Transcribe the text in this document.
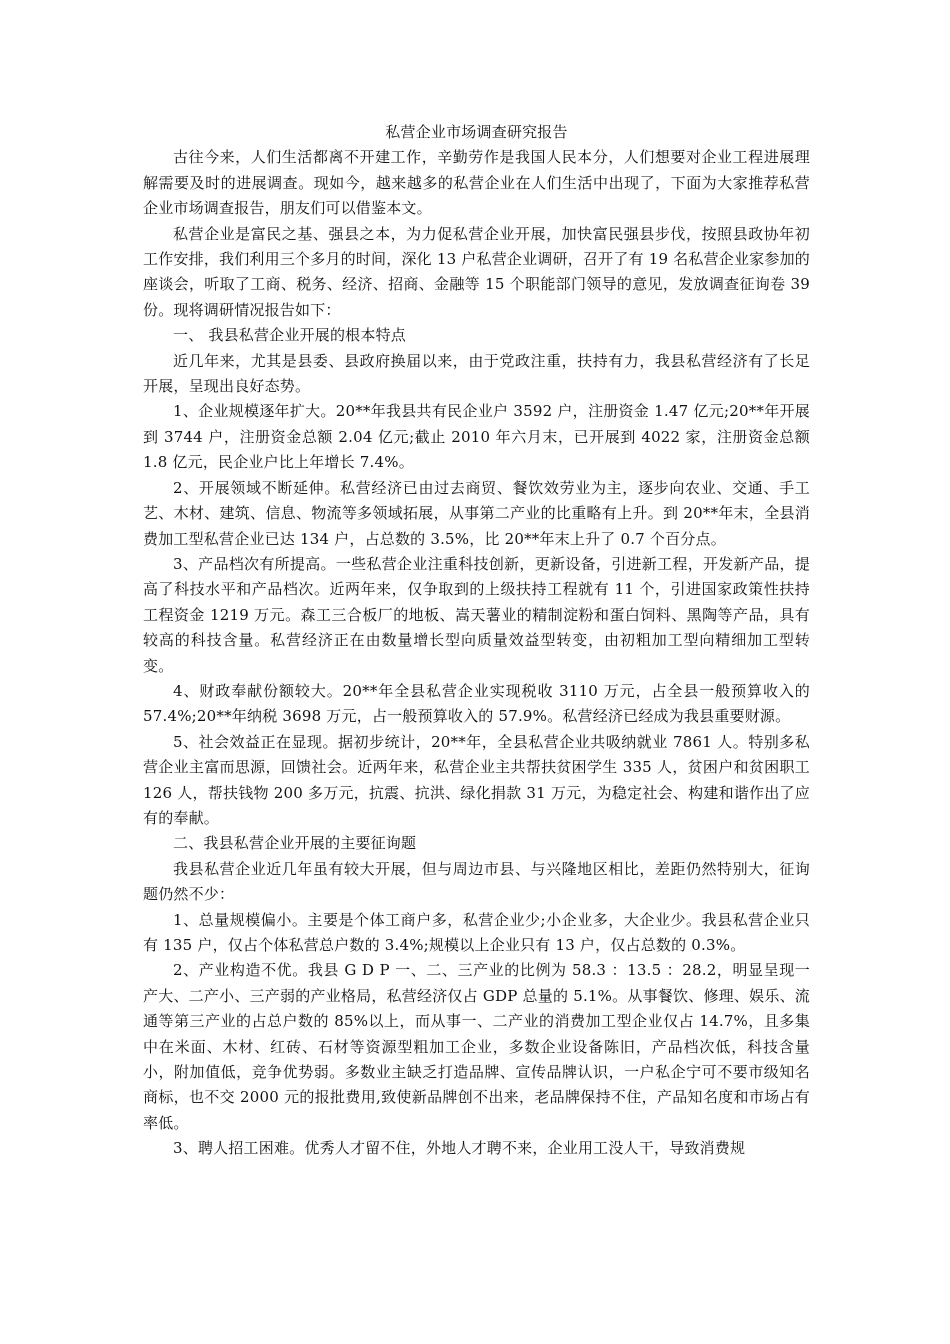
私营企业市场调查研究报告

古往今来，人们生活都离不开建工作，辛勤劳作是我国人民本分，人们想要对企业工程进展理解需要及时的进展调查。现如今，越来越多的私营企业在人们生活中出现了，下面为大家推荐私营企业市场调查报告，朋友们可以借鉴本文。

私营企业是富民之基、强县之本，为力促私营企业开展，加快富民强县步伐，按照县政协年初工作安排，我们利用三个多月的时间，深化 13 户私营企业调研，召开了有 19 名私营企业家参加的座谈会，听取了工商、税务、经济、招商、金融等 15 个职能部门领导的意见，发放调查征询卷 39 份。现将调研情况报告如下：

一、 我县私营企业开展的根本特点

近几年来，尤其是县委、县政府换届以来，由于党政注重，扶持有力，我县私营经济有了长足开展，呈现出良好态势。

1、企业规模逐年扩大。20**年我县共有民企业户 3592 户，注册资金 1.47 亿元;20**年开展到 3744 户，注册资金总额 2.04 亿元;截止 2010 年六月末，已开展到 4022 家，注册资金总额 1.8 亿元，民企业户比上年增长 7.4%。

2、开展领域不断延伸。私营经济已由过去商贸、餐饮效劳业为主，逐步向农业、交通、手工艺、木材、建筑、信息、物流等多领域拓展，从事第二产业的比重略有上升。到 20**年末，全县消费加工型私营企业已达 134 户，占总数的 3.5%，比 20**年末上升了 0.7 个百分点。

3、产品档次有所提高。一些私营企业注重科技创新，更新设备，引进新工程，开发新产品，提高了科技水平和产品档次。近两年来，仅争取到的上级扶持工程就有 11 个，引进国家政策性扶持工程资金 1219 万元。森工三合板厂的地板、嵩天薯业的精制淀粉和蛋白饲料、黑陶等产品，具有较高的科技含量。私营经济正在由数量增长型向质量效益型转变，由初粗加工型向精细加工型转变。

4、财政奉献份额较大。20**年全县私营企业实现税收 3110 万元，占全县一般预算收入的 57.4%;20**年纳税 3698 万元，占一般预算收入的 57.9%。私营经济已经成为我县重要财源。

5、社会效益正在显现。据初步统计，20**年，全县私营企业共吸纳就业 7861 人。特别多私营企业主富而思源，回馈社会。近两年来，私营企业主共帮扶贫困学生 335 人，贫困户和贫困职工 126 人，帮扶钱物 200 多万元，抗震、抗洪、绿化捐款 31 万元，为稳定社会、构建和谐作出了应有的奉献。

二、我县私营企业开展的主要征询题

我县私营企业近几年虽有较大开展，但与周边市县、与兴隆地区相比，差距仍然特别大，征询题仍然不少：

1、总量规模偏小。主要是个体工商户多，私营企业少;小企业多，大企业少。我县私营企业只有 135 户，仅占个体私营总户数的 3.4%;规模以上企业只有 13 户，仅占总数的 0.3%。

2、产业构造不优。我县 G D P 一、二、三产业的比例为 58.3 ：13.5 ：28.2，明显呈现一产大、二产小、三产弱的产业格局，私营经济仅占 GDP 总量的 5.1%。从事餐饮、修理、娱乐、流通等第三产业的占总户数的 85%以上，而从事一、二产业的消费加工型企业仅占 14.7%，且多集中在米面、木材、红砖、石材等资源型粗加工企业，多数企业设备陈旧，产品档次低，科技含量小，附加值低，竞争优势弱。多数业主缺乏打造品牌、宣传品牌认识，一户私企宁可不要市级知名商标，也不交 2000 元的报批费用,致使新品牌创不出来，老品牌保持不住，产品知名度和市场占有率低。

3、聘人招工困难。优秀人才留不住，外地人才聘不来，企业用工没人干，导致消费规
